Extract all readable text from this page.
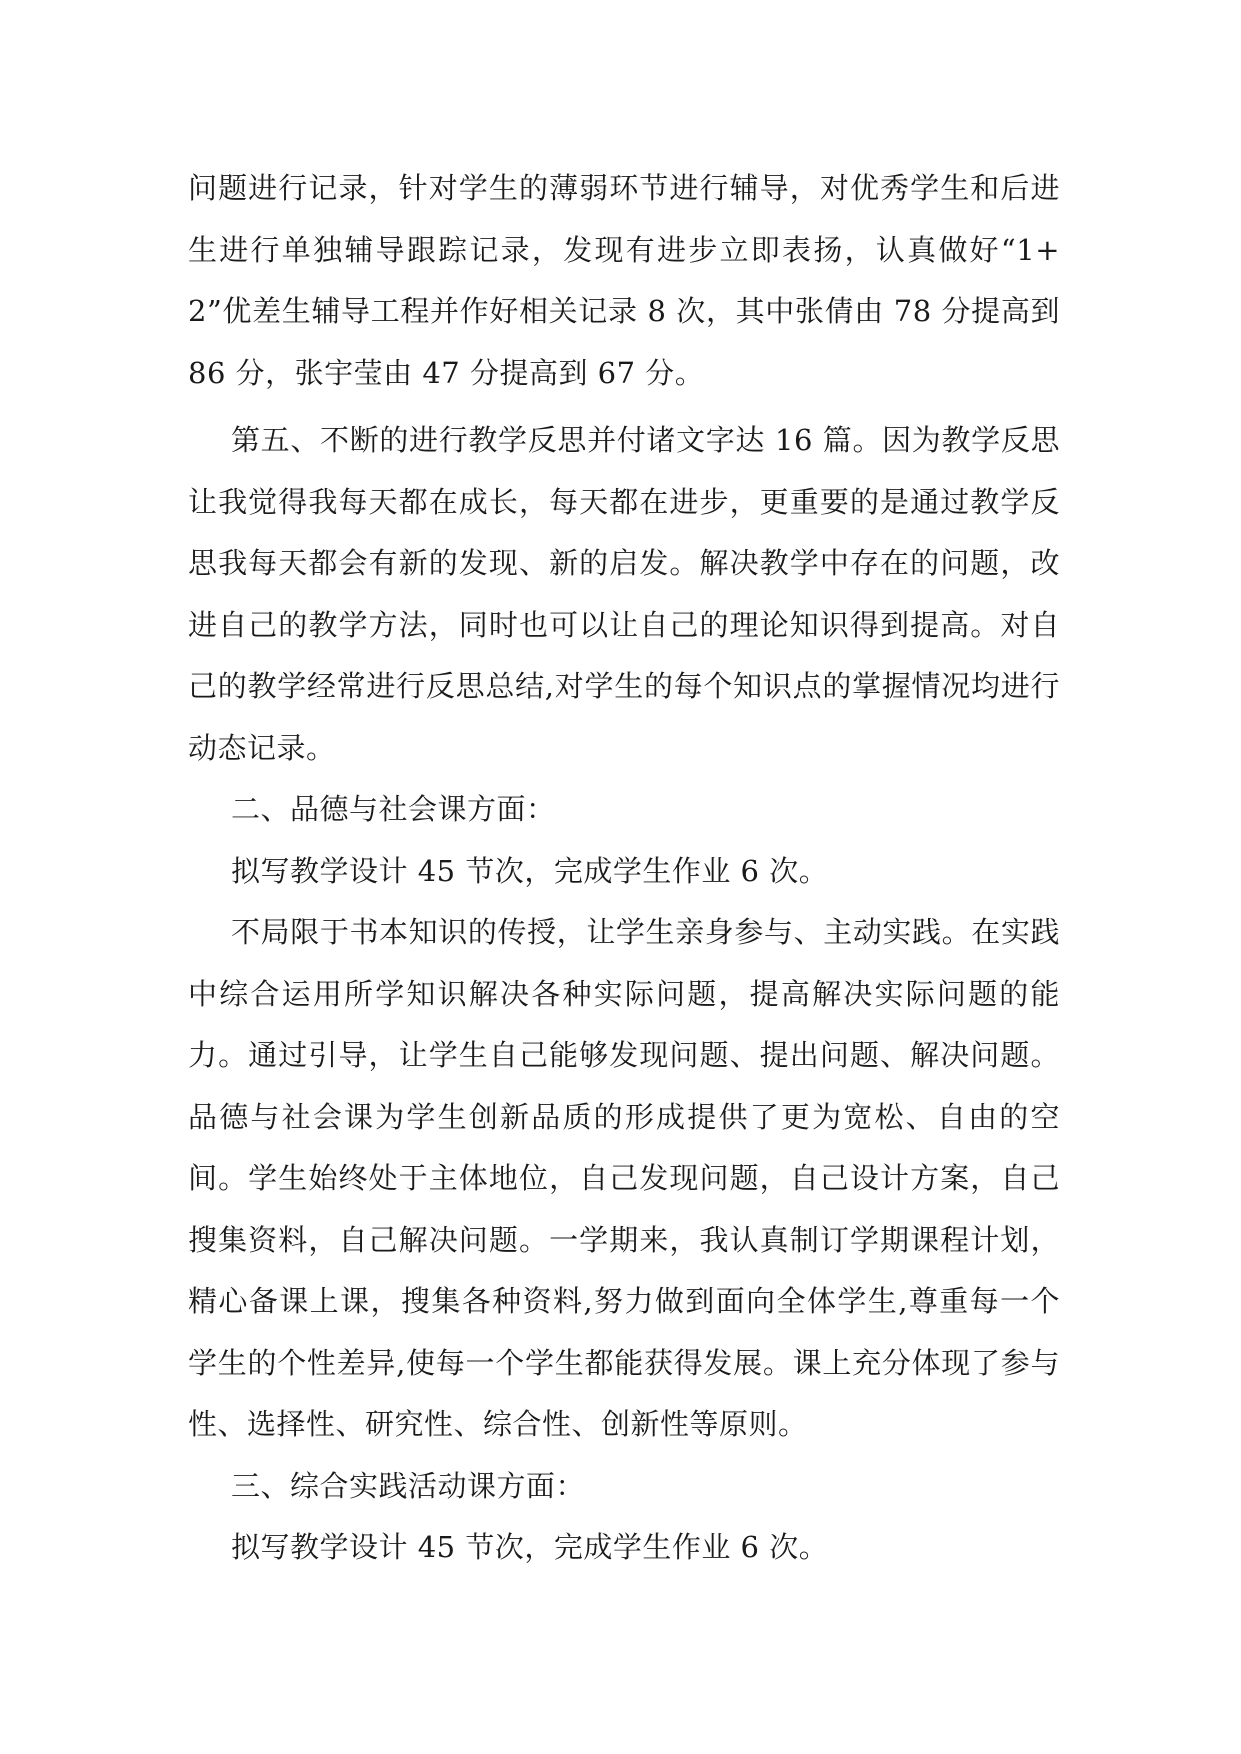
问题进行记录，针对学生的薄弱环节进行辅导，对优秀学生和后进生进行单独辅导跟踪记录，发现有进步立即表扬，认真做好“1+2”优差生辅导工程并作好相关记录 8 次，其中张倩由 78 分提高到 86 分，张宇莹由 47 分提高到 67 分。

第五、不断的进行教学反思并付诸文字达 16 篇。因为教学反思让我觉得我每天都在成长，每天都在进步，更重要的是通过教学反思我每天都会有新的发现、新的启发。解决教学中存在的问题，改进自己的教学方法，同时也可以让自己的理论知识得到提高。对自己的教学经常进行反思总结,对学生的每个知识点的掌握情况均进行动态记录。

二、品德与社会课方面：

拟写教学设计 45 节次，完成学生作业 6 次。

不局限于书本知识的传授，让学生亲身参与、主动实践。在实践中综合运用所学知识解决各种实际问题，提高解决实际问题的能力。通过引导，让学生自己能够发现问题、提出问题、解决问题。品德与社会课为学生创新品质的形成提供了更为宽松、自由的空间。学生始终处于主体地位，自己发现问题，自己设计方案，自己搜集资料，自己解决问题。一学期来，我认真制订学期课程计划，精心备课上课，搜集各种资料,努力做到面向全体学生,尊重每一个学生的个性差异,使每一个学生都能获得发展。课上充分体现了参与性、选择性、研究性、综合性、创新性等原则。

三、综合实践活动课方面：

拟写教学设计 45 节次，完成学生作业 6 次。
